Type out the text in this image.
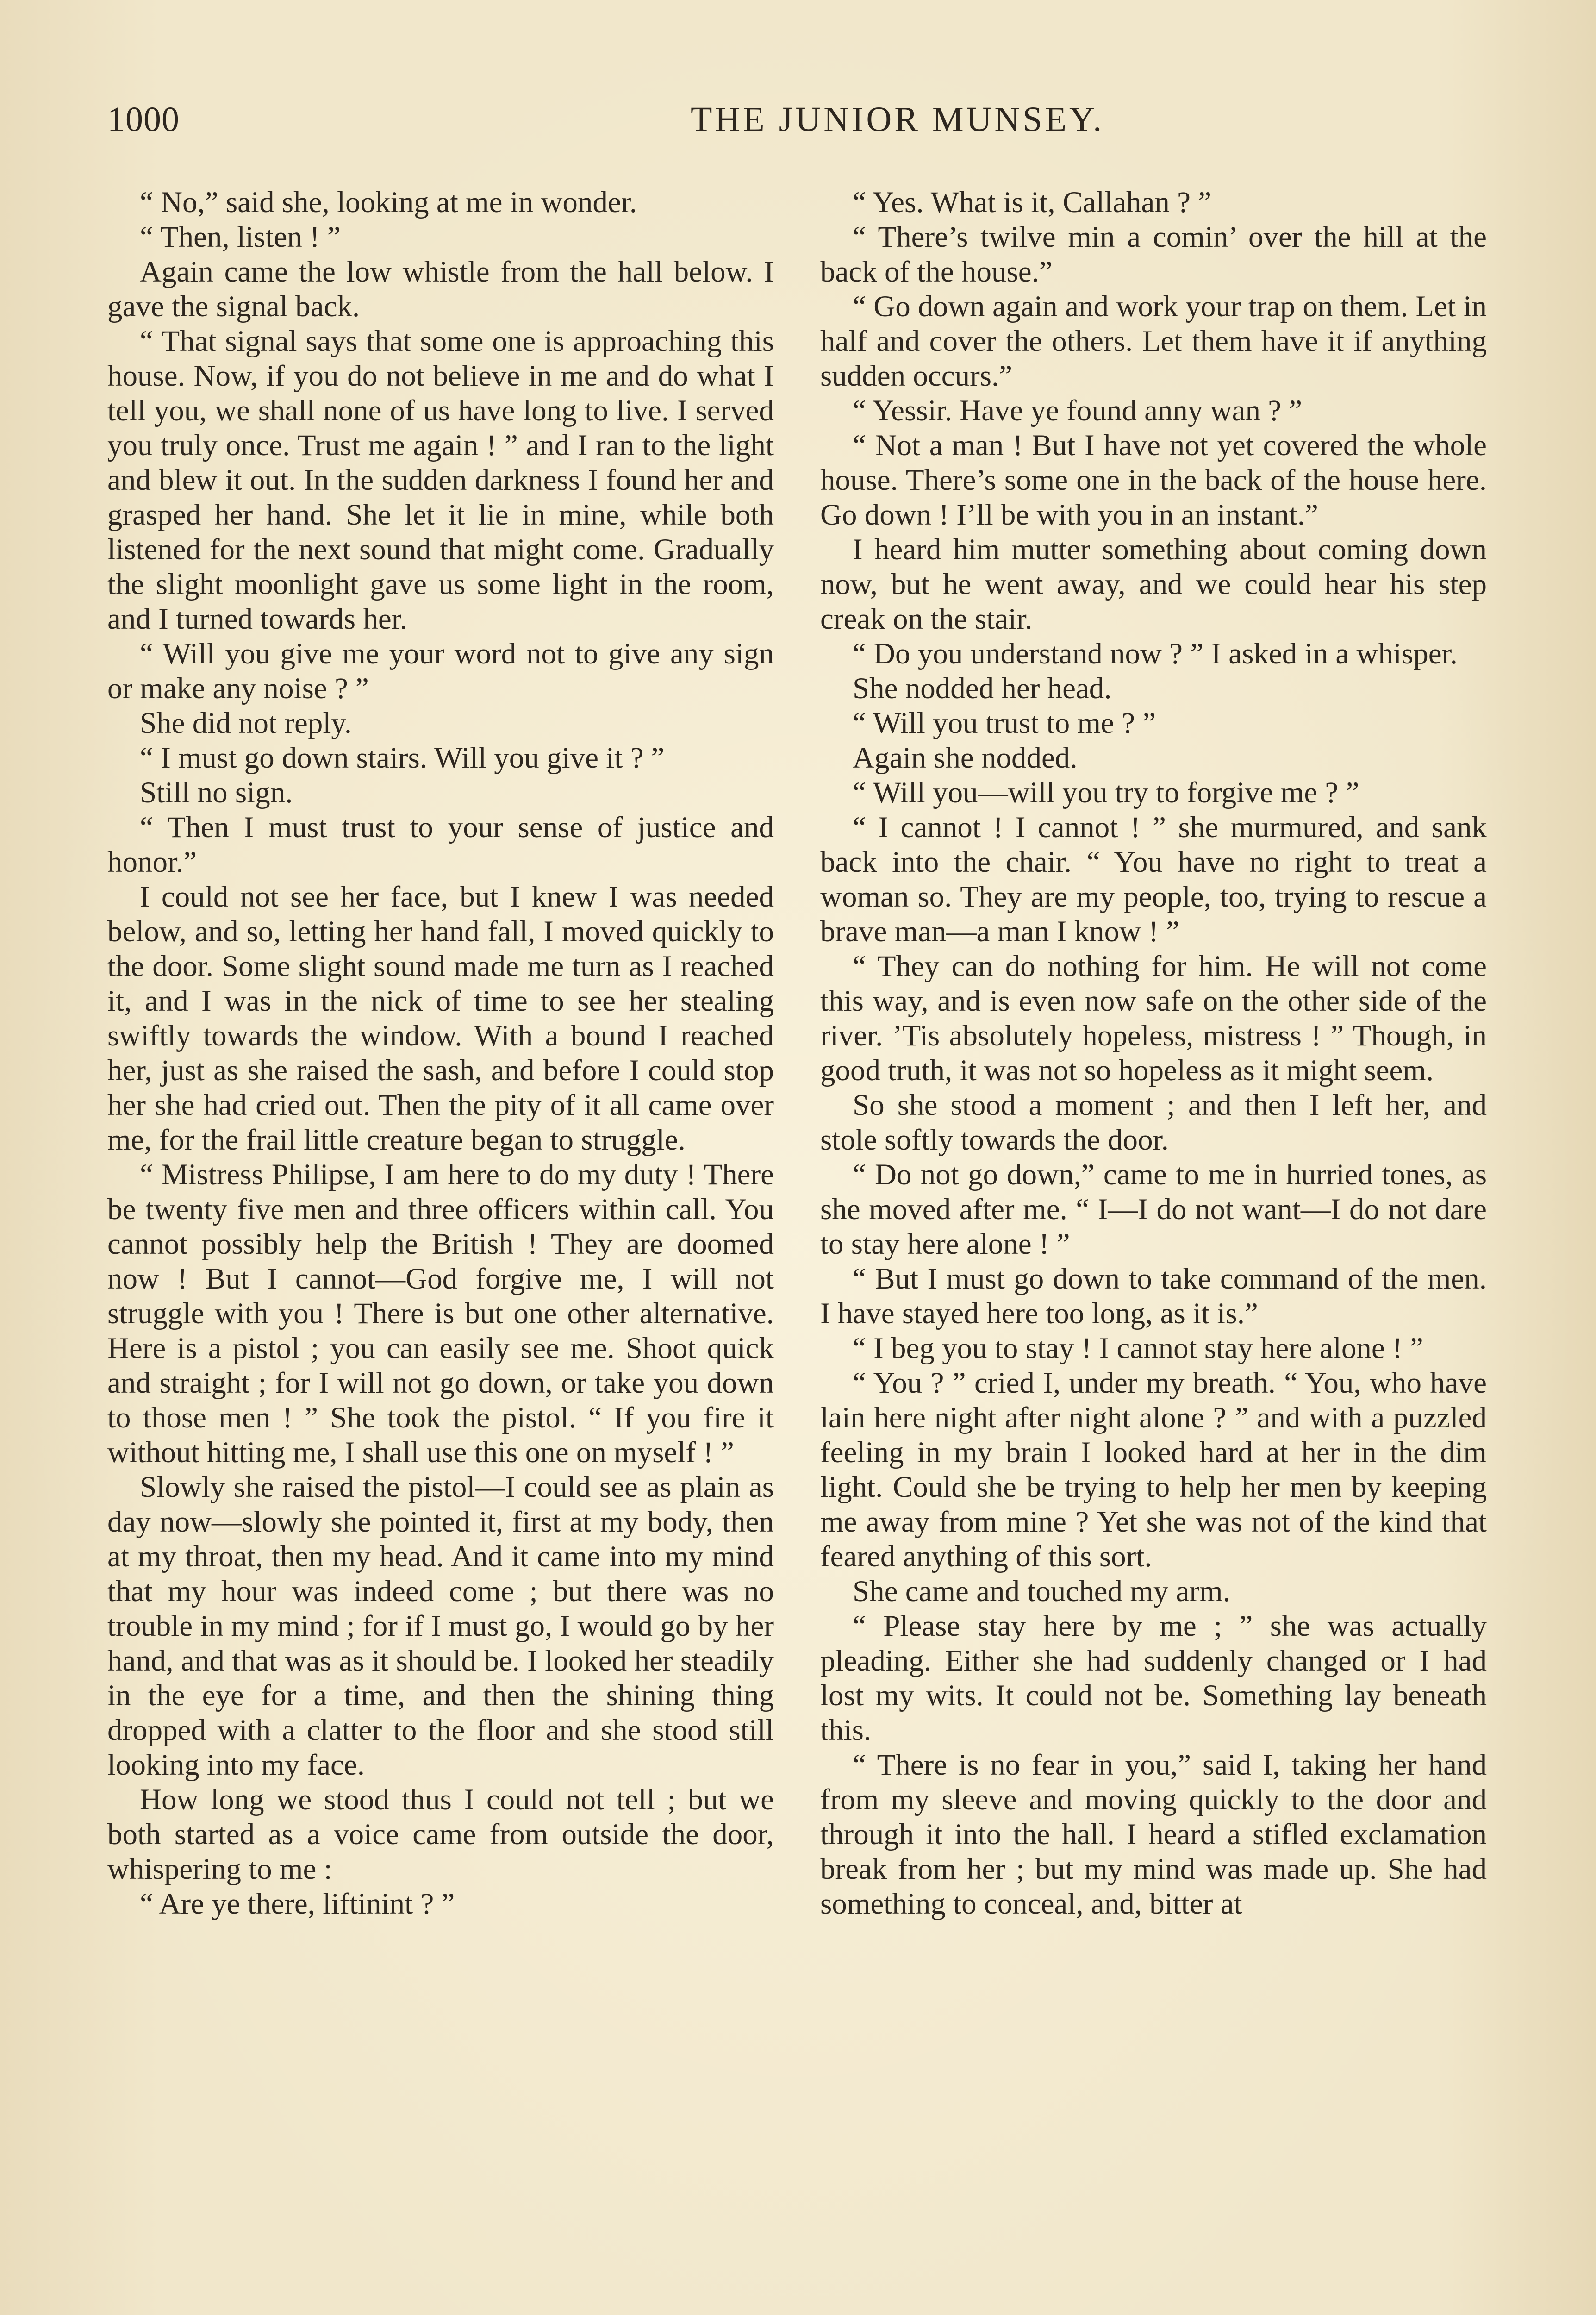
1000	THE JUNIOR MUNSEY.

“ No,” said she, looking at me in wonder.

“ Then, listen ! ”

Again came the low whistle from the hall below. I gave the signal back.

“ That signal says that some one is approaching this house. Now, if you do not believe in me and do what I tell you, we shall none of us have long to live. I served you truly once. Trust me again ! ” and I ran to the light and blew it out. In the sudden darkness I found her and grasped her hand. She let it lie in mine, while both listened for the next sound that might come. Gradually the slight moonlight gave us some light in the room, and I turned towards her.

“ Will you give me your word not to give any sign or make any noise ? ”

She did not reply.

“ I must go down stairs. Will you give it ? ”

Still no sign.

“ Then I must trust to your sense of justice and honor.”

I could not see her face, but I knew I was needed below, and so, letting her hand fall, I moved quickly to the door. Some slight sound made me turn as I reached it, and I was in the nick of time to see her stealing swiftly towards the window. With a bound I reached her, just as she raised the sash, and before I could stop her she had cried out. Then the pity of it all came over me, for the frail little creature began to struggle.

“ Mistress Philipse, I am here to do my duty ! There be twenty five men and three officers within call. You cannot possibly help the British ! They are doomed now ! But I cannot—God forgive me, I will not struggle with you ! There is but one other alternative. Here is a pistol ; you can easily see me. Shoot quick and straight ; for I will not go down, or take you down to those men ! ” She took the pistol. “ If you fire it without hitting me, I shall use this one on myself ! ”

Slowly she raised the pistol—I could see as plain as day now—slowly she pointed it, first at my body, then at my throat, then my head. And it came into my mind that my hour was indeed come ; but there was no trouble in my mind ; for if I must go, I would go by her hand, and that was as it should be. I looked her steadily in the eye for a time, and then the shining thing dropped with a clatter to the floor and she stood still looking into my face.

How long we stood thus I could not tell ; but we both started as a voice came from outside the door, whispering to me :

“ Are ye there, liftinint ? ”

“ Yes. What is it, Callahan ? ”

“ There’s twilve min a comin’ over the hill at the back of the house.”

“ Go down again and work your trap on them. Let in half and cover the others. Let them have it if anything sudden occurs.”

“ Yessir. Have ye found anny wan ? ”

“ Not a man ! But I have not yet covered the whole house. There’s some one in the back of the house here. Go down ! I’ll be with you in an instant.”

I heard him mutter something about coming down now, but he went away, and we could hear his step creak on the stair.

“ Do you understand now ? ” I asked in a whisper.

She nodded her head.

“ Will you trust to me ? ”

Again she nodded.

“ Will you—will you try to forgive me ? ”

“ I cannot ! I cannot ! ” she murmured, and sank back into the chair. “ You have no right to treat a woman so. They are my people, too, trying to rescue a brave man—a man I know ! ”

“ They can do nothing for him. He will not come this way, and is even now safe on the other side of the river. ’Tis absolutely hopeless, mistress ! ” Though, in good truth, it was not so hopeless as it might seem.

So she stood a moment ; and then I left her, and stole softly towards the door.

“ Do not go down,” came to me in hurried tones, as she moved after me. “ I—I do not want—I do not dare to stay here alone ! ”

“ But I must go down to take command of the men. I have stayed here too long, as it is.”

“ I beg you to stay ! I cannot stay here alone ! ”

“ You ? ” cried I, under my breath. “ You, who have lain here night after night alone ? ” and with a puzzled feeling in my brain I looked hard at her in the dim light. Could she be trying to help her men by keeping me away from mine ? Yet she was not of the kind that feared anything of this sort.

She came and touched my arm.

“ Please stay here by me ; ” she was actually pleading. Either she had suddenly changed or I had lost my wits. It could not be. Something lay beneath this.

“ There is no fear in you,” said I, taking her hand from my sleeve and moving quickly to the door and through it into the hall. I heard a stifled exclamation break from her ; but my mind was made up. She had something to conceal, and, bitter at
